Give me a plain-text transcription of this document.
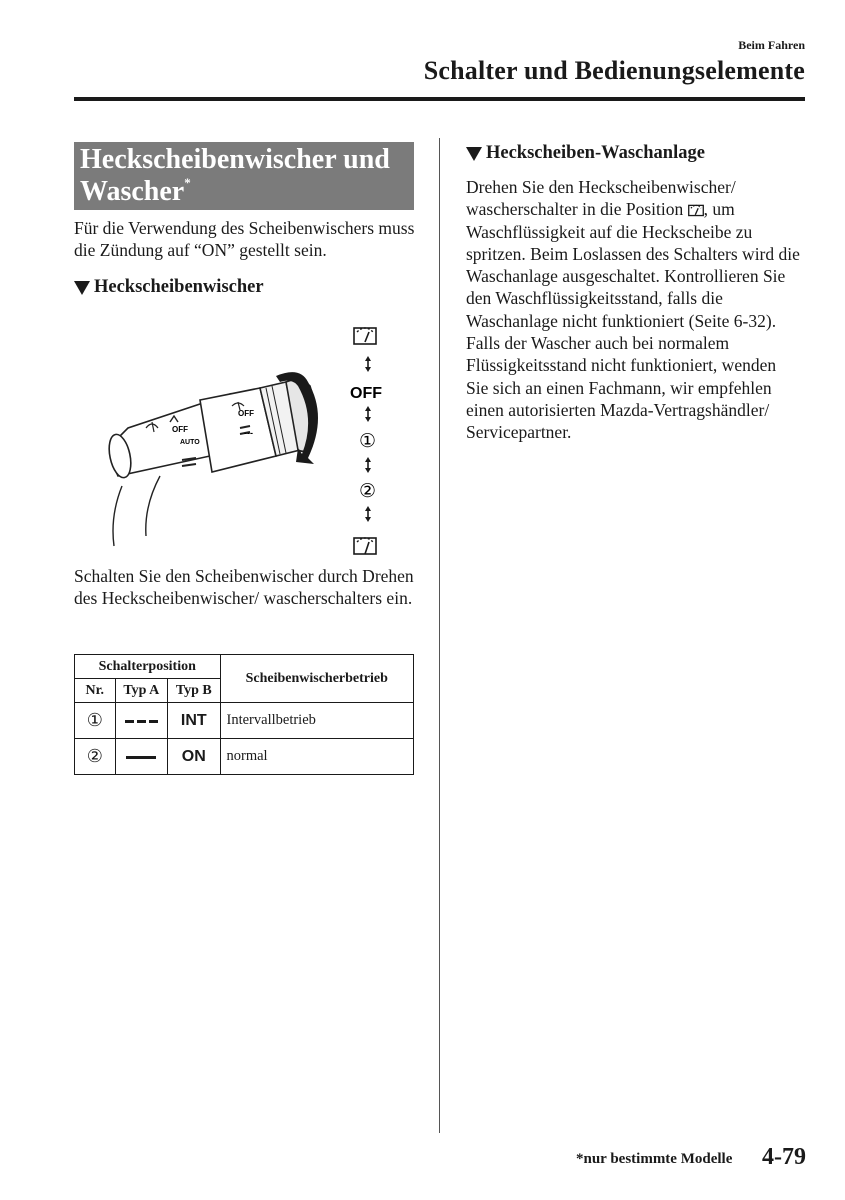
Beim Fahren
Schalter und Bedienungselemente
Heckscheibenwischer und
Wascher*
Für die Verwendung des Scheibenwischers muss die Zündung auf “ON” gestellt sein.
Heckscheibenwischer
OFF
AUTO
OFF
---
OFF
①
②
Schalten Sie den Scheibenwischer durch Drehen des Heckscheibenwischer/ wascherschalters ein.
Schalterposition			Scheibenwischerbetrieb
Nr.	Typ A	Typ B	
①		INT	Intervallbetrieb
②		ON	normal
Heckscheiben-Waschanlage
Drehen Sie den Heckscheibenwischer/ wascherschalter in die Position , um Waschflüssigkeit auf die Heckscheibe zu spritzen. Beim Loslassen des Schalters wird die Waschanlage ausgeschaltet. Kontrollieren Sie den Waschflüssigkeitsstand, falls die Waschanlage nicht funktioniert (Seite 6-32). Falls der Wascher auch bei normalem Flüssigkeitsstand nicht funktioniert, wenden Sie sich an einen Fachmann, wir empfehlen einen autorisierten Mazda-Vertragshändler/ Servicepartner.
*nur bestimmte Modelle 4-79
